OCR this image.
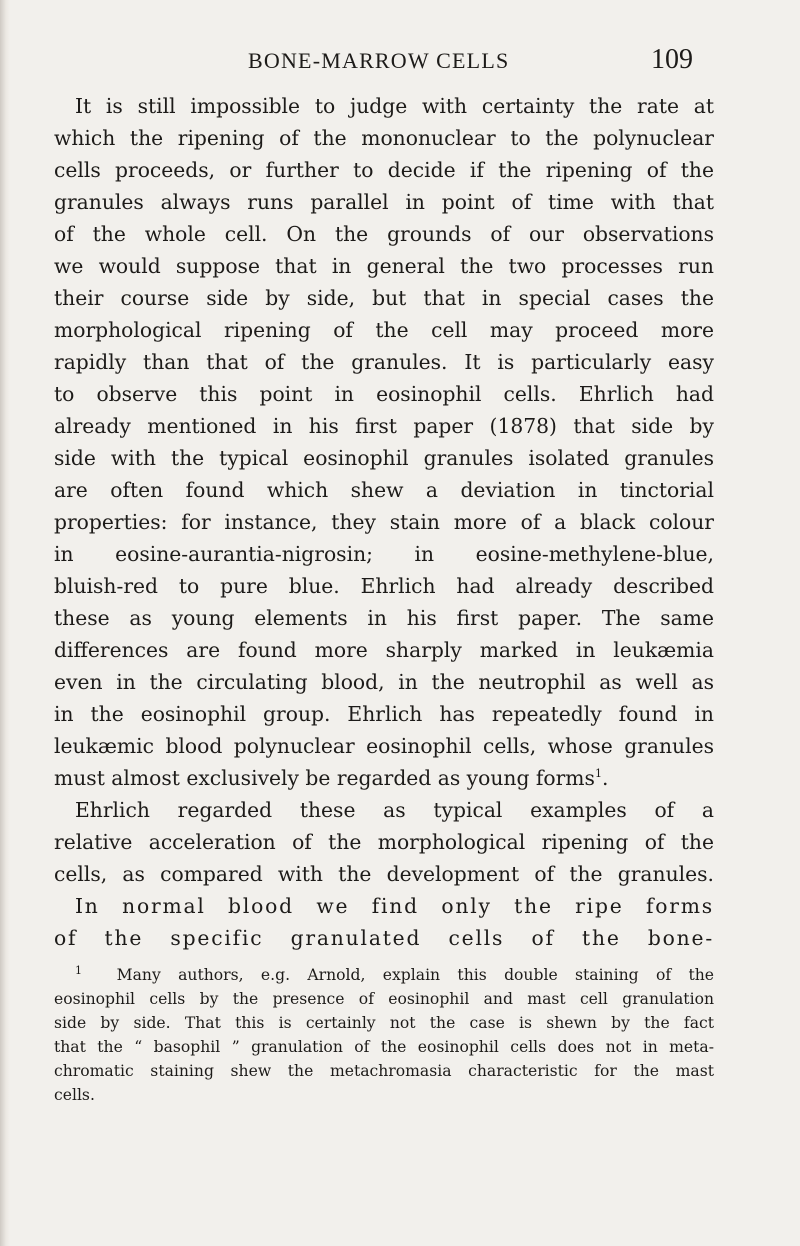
BONE-MARROW CELLS	109
It is still impossible to judge with certainty the rate at
which the ripening of the mononuclear to the polynuclear
cells proceeds, or further to decide if the ripening of the
granules always runs parallel in point of time with that
of the whole cell. On the grounds of our observations
we would suppose that in general the two processes run
their course side by side, but that in special cases the
morphological ripening of the cell may proceed more
rapidly than that of the granules. It is particularly easy
to observe this point in eosinophil cells. Ehrlich had
already mentioned in his first paper (1878) that side by
side with the typical eosinophil granules isolated granules
are often found which shew a deviation in tinctorial
properties: for instance, they stain more of a black colour
in eosine-aurantia-nigrosin; in eosine-methylene-blue,
bluish-red to pure blue. Ehrlich had already described
these as young elements in his first paper. The same
differences are found more sharply marked in leukæmia
even in the circulating blood, in the neutrophil as well as
in the eosinophil group. Ehrlich has repeatedly found in
leukæmic blood polynuclear eosinophil cells, whose granules
must almost exclusively be regarded as young forms$^1$.
Ehrlich regarded these as typical examples of a
relative acceleration of the morphological ripening of the
cells, as compared with the development of the granules.
In normal blood we find only the ripe forms
of the specific granulated cells of the bone-
$^1$ Many authors, e.g. Arnold, explain this double staining of the
eosinophil cells by the presence of eosinophil and mast cell granulation
side by side. That this is certainly not the case is shewn by the fact
that the “ basophil ” granulation of the eosinophil cells does not in meta-
chromatic staining shew the metachromasia characteristic for the mast
cells.
